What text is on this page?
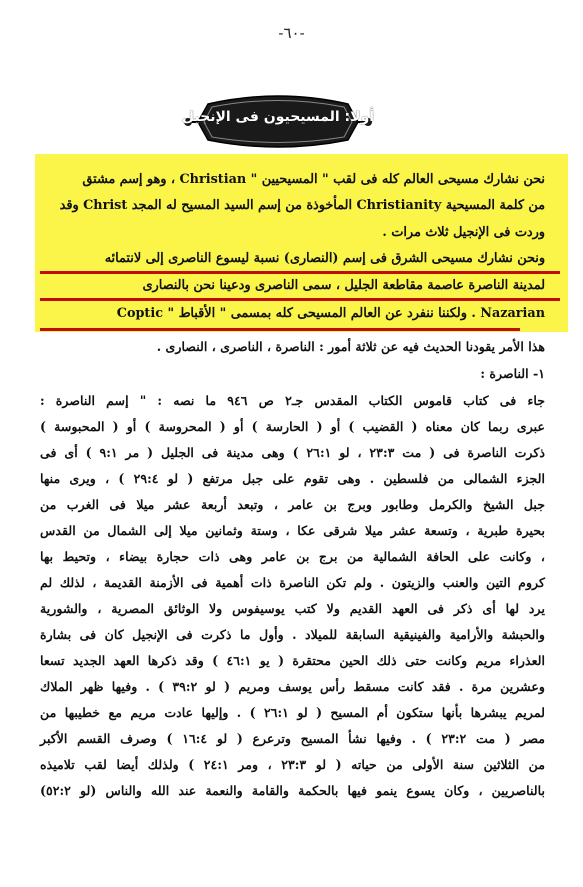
-٦٠-
أولا: المسيحيون فى الإنجيل
نحن نشارك مسيحى العالم كله فى لقب " المسيحيين " Christian ، وهو إسم مشتق
من كلمة المسيحية Christianity المأخوذة من إسم السيد المسيح له المجد Christ وقد
وردت فى الإنجيل ثلاث مرات .
ونحن نشارك مسيحى الشرق فى إسم (النصارى) نسبة ليسوع الناصرى إلى لانتمائه
لمدينة الناصرة عاصمة مقاطعة الجليل ، سمى الناصرى ودعينا نحن بالنصارى
Nazarian . ولكننا ننفرد عن العالم المسيحى كله بمسمى " الأقباط " Coptic
هذا الأمر يقودنا الحديث فيه عن ثلاثة أمور : الناصرة ، الناصرى ، النصارى .
١- الناصرة :
جاء فى كتاب قاموس الكتاب المقدس جـ٢ ص ٩٤٦ ما نصه : " إسم الناصرة :
عبرى ربما كان معناه ( القضيب ) أو ( الحارسة ) أو ( المحروسة ) أو ( المحبوسة )
ذكرت الناصرة فى ( مت ٢٣:٣ ، لو ٢٦:١ ) وهى مدينة فى الجليل ( مر ٩:١ ) أى فى
الجزء الشمالى من فلسطين . وهى تقوم على جبل مرتفع ( لو ٢٩:٤ ) ، ويرى منها
جبل الشيخ والكرمل وطابور وبرج بن عامر ، وتبعد أربعة عشر ميلا فى الغرب من
بحيرة طبرية ، وتسعة عشر ميلا شرقى عكا ، وستة وثمانين ميلا إلى الشمال من القدس
، وكانت على الحافة الشمالية من برج بن عامر وهى ذات حجارة بيضاء ، وتحيط بها
كروم التين والعنب والزيتون . ولم تكن الناصرة ذات أهمية فى الأزمنة القديمة ، لذلك لم
يرد لها أى ذكر فى العهد القديم ولا كتب يوسيفوس ولا الوثائق المصرية ، والشورية
والحبشة والأرامية والفينيقية السابقة للميلاد . وأول ما ذكرت فى الإنجيل كان فى بشارة
العذراء مريم وكانت حتى ذلك الحين محتقرة ( يو ٤٦:١ ) وقد ذكرها العهد الجديد تسعا
وعشرين مرة . فقد كانت مسقط رأس يوسف ومريم ( لو ٣٩:٢ ) . وفيها ظهر الملاك
لمريم يبشرها بأنها ستكون أم المسيح ( لو ٢٦:١ ) . وإليها عادت مريم مع خطيبها من
مصر ( مت ٢٣:٢ ) . وفيها نشأ المسيح وترعرع ( لو ١٦:٤ ) وصرف القسم الأكبر
من الثلاثين سنة الأولى من حياته ( لو ٢٣:٣ ، ومر ٢٤:١ ) ولذلك أيضا لقب تلاميذه
بالناصريين ، وكان يسوع ينمو فيها بالحكمة والقامة والنعمة عند الله والناس (لو ٥٢:٢)
